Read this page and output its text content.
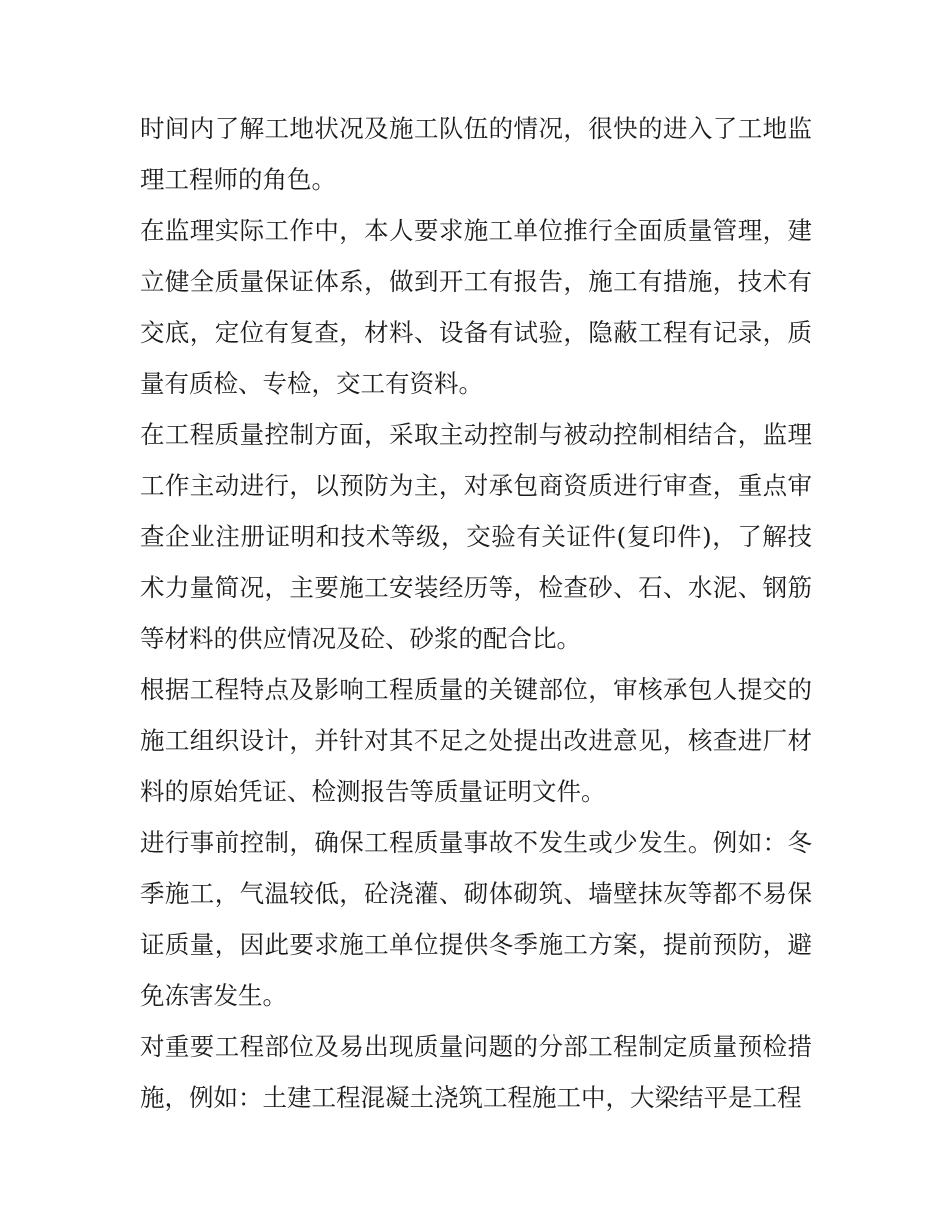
时间内了解工地状况及施工队伍的情况，很快的进入了工地监理工程师的角色。

在监理实际工作中，本人要求施工单位推行全面质量管理，建立健全质量保证体系，做到开工有报告，施工有措施，技术有交底，定位有复查，材料、设备有试验，隐蔽工程有记录，质量有质检、专检，交工有资料。

在工程质量控制方面，采取主动控制与被动控制相结合，监理工作主动进行，以预防为主，对承包商资质进行审查，重点审查企业注册证明和技术等级，交验有关证件(复印件)，了解技术力量简况，主要施工安装经历等，检查砂、石、水泥、钢筋等材料的供应情况及砼、砂浆的配合比。

根据工程特点及影响工程质量的关键部位，审核承包人提交的施工组织设计，并针对其不足之处提出改进意见，核查进厂材料的原始凭证、检测报告等质量证明文件。

进行事前控制，确保工程质量事故不发生或少发生。例如：冬季施工，气温较低，砼浇灌、砌体砌筑、墙壁抹灰等都不易保证质量，因此要求施工单位提供冬季施工方案，提前预防，避免冻害发生。

对重要工程部位及易出现质量问题的分部工程制定质量预检措施，例如：土建工程混凝土浇筑工程施工中，大梁结平是工程
